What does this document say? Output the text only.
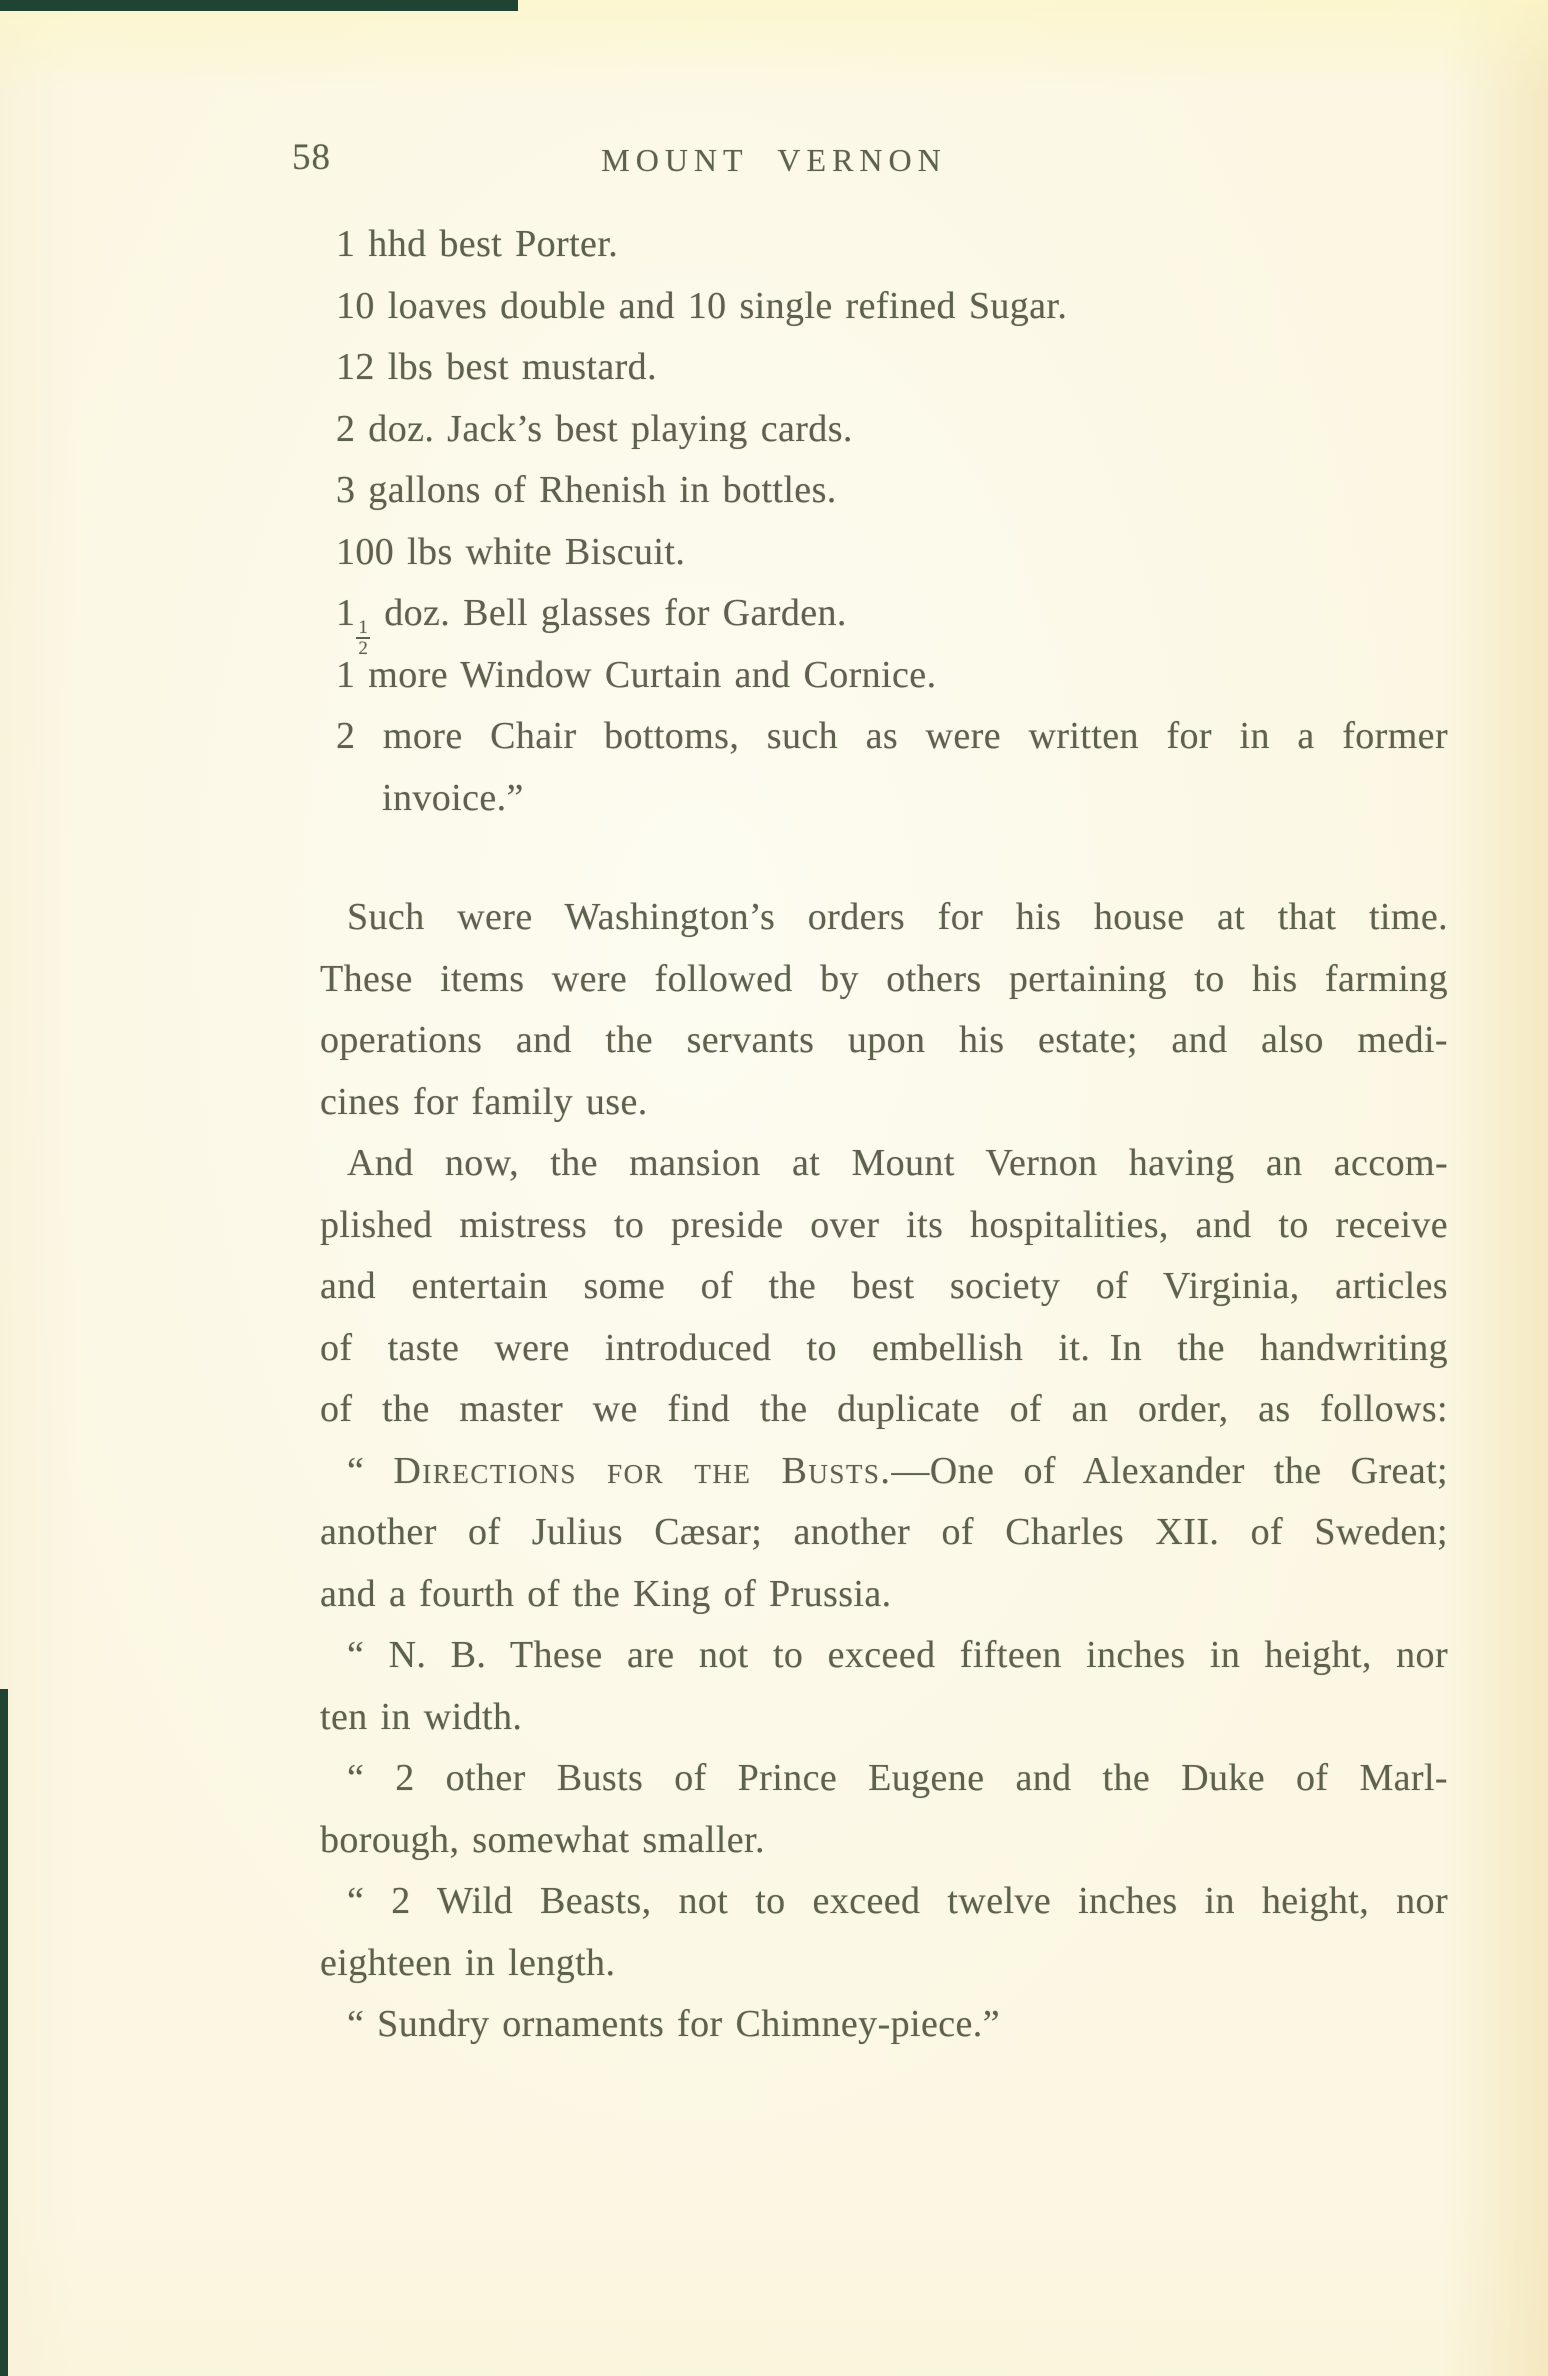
58	MOUNT VERNON
1 hhd best Porter.
10 loaves double and 10 single refined Sugar.
12 lbs best mustard.
2 doz. Jack’s best playing cards.
3 gallons of Rhenish in bottles.
100 lbs white Biscuit.
1
$\frac{1}{2}$
doz. Bell glasses for Garden.
1 more Window Curtain and Cornice.
2 more Chair bottoms, such as were written for in a former
invoice.”
Such were Washington’s orders for his house at that time.
These items were followed by others pertaining to his farming
operations and the servants upon his estate; and also medi-
cines for family use.
And now, the mansion at Mount Vernon having an accom-
plished mistress to preside over its hospitalities, and to receive
and entertain some of the best society of Virginia, articles
of taste were introduced to embellish it. In the handwriting
of the master we find the duplicate of an order, as follows:
“ Directions for the Busts.—One of Alexander the Great;
another of Julius Cæsar; another of Charles XII. of Sweden;
and a fourth of the King of Prussia.
“ N. B. These are not to exceed fifteen inches in height, nor
ten in width.
“ 2 other Busts of Prince Eugene and the Duke of Marl-
borough, somewhat smaller.
“ 2 Wild Beasts, not to exceed twelve inches in height, nor
eighteen in length.
“ Sundry ornaments for Chimney-piece.”
